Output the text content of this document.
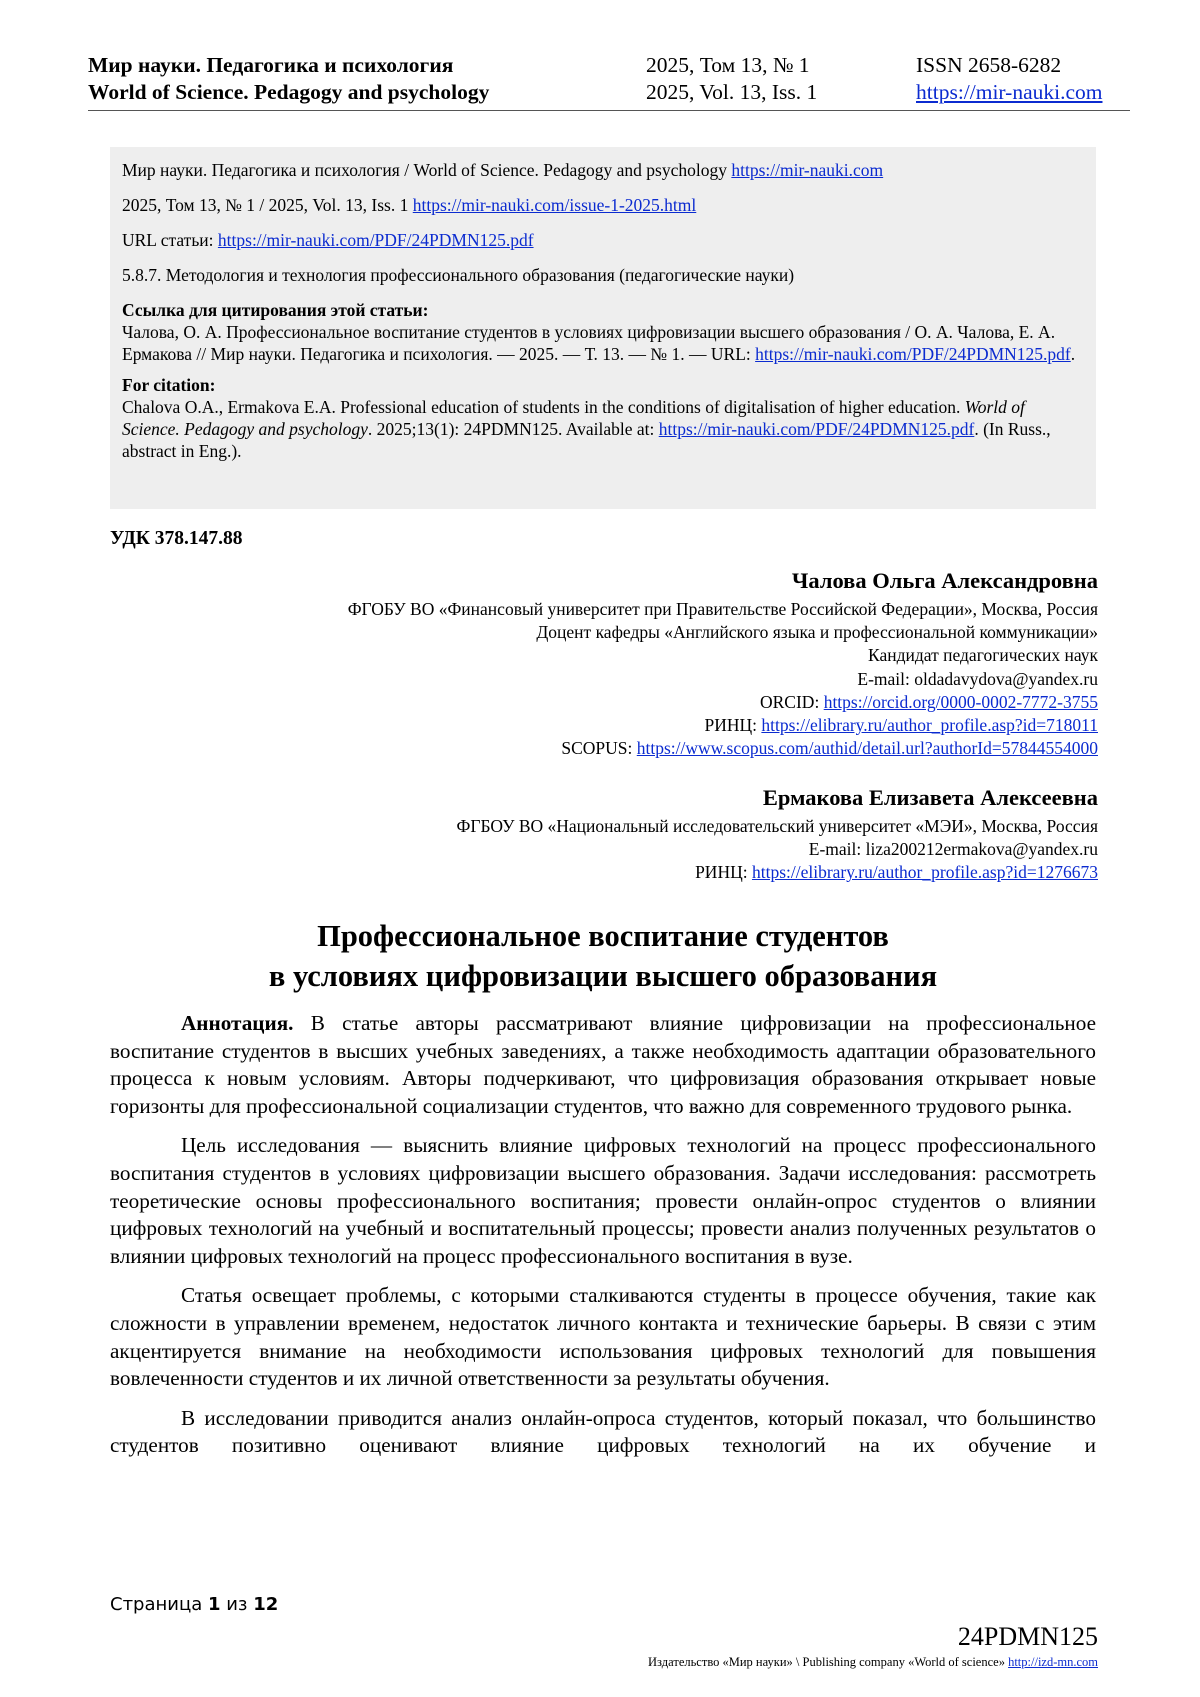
Мир науки. Педагогика и психология	2025, Том 13, № 1	ISSN 2658-6282
World of Science. Pedagogy and psychology	2025, Vol. 13, Iss. 1	https://mir-nauki.com

Мир науки. Педагогика и психология / World of Science. Pedagogy and psychology https://mir-nauki.com

2025, Том 13, № 1 / 2025, Vol. 13, Iss. 1 https://mir-nauki.com/issue-1-2025.html

URL статьи: https://mir-nauki.com/PDF/24PDMN125.pdf

5.8.7. Методология и технология профессионального образования (педагогические науки)

Ссылка для цитирования этой статьи:
Чалова, О. А. Профессиональное воспитание студентов в условиях цифровизации высшего образования / О. А. Чалова, Е. А. Ермакова // Мир науки. Педагогика и психология. — 2025. — Т. 13. — № 1. — URL: https://mir-nauki.com/PDF/24PDMN125.pdf.

For citation:
Chalova O.A., Ermakova E.A. Professional education of students in the conditions of digitalisation of higher education. World of Science. Pedagogy and psychology. 2025;13(1): 24PDMN125. Available at: https://mir-nauki.com/PDF/24PDMN125.pdf. (In Russ., abstract in Eng.).

УДК 378.147.88
Чалова Ольга Александровна
ФГОБУ ВО «Финансовый университет при Правительстве Российской Федерации», Москва, Россия
Доцент кафедры «Английского языка и профессиональной коммуникации»
Кандидат педагогических наук
E-mail: oldadavydova@yandex.ru
ORCID: https://orcid.org/0000-0002-7772-3755
РИНЦ: https://elibrary.ru/author_profile.asp?id=718011
SCOPUS: https://www.scopus.com/authid/detail.url?authorId=57844554000
Ермакова Елизавета Алексеевна
ФГБОУ ВО «Национальный исследовательский университет «МЭИ», Москва, Россия
E-mail: liza200212ermakova@yandex.ru
РИНЦ: https://elibrary.ru/author_profile.asp?id=1276673
Профессиональное воспитание студентов
в условиях цифровизации высшего образования

Аннотация. В статье авторы рассматривают влияние цифровизации на профессиональное воспитание студентов в высших учебных заведениях, а также необходимость адаптации образовательного процесса к новым условиям. Авторы подчеркивают, что цифровизация образования открывает новые горизонты для профессиональной социализации студентов, что важно для современного трудового рынка.

Цель исследования — выяснить влияние цифровых технологий на процесс профессионального воспитания студентов в условиях цифровизации высшего образования. Задачи исследования: рассмотреть теоретические основы профессионального воспитания; провести онлайн-опрос студентов о влиянии цифровых технологий на учебный и воспитательный процессы; провести анализ полученных результатов о влиянии цифровых технологий на процесс профессионального воспитания в вузе.

Статья освещает проблемы, с которыми сталкиваются студенты в процессе обучения, такие как сложности в управлении временем, недостаток личного контакта и технические барьеры. В связи с этим акцентируется внимание на необходимости использования цифровых технологий для повышения вовлеченности студентов и их личной ответственности за результаты обучения.

В исследовании приводится анализ онлайн-опроса студентов, который показал, что большинство студентов позитивно оценивают влияние цифровых технологий на их обучение и

Страница 1 из 12
24PDMN125
Издательство «Мир науки» \ Publishing company «World of science» http://izd-mn.com
